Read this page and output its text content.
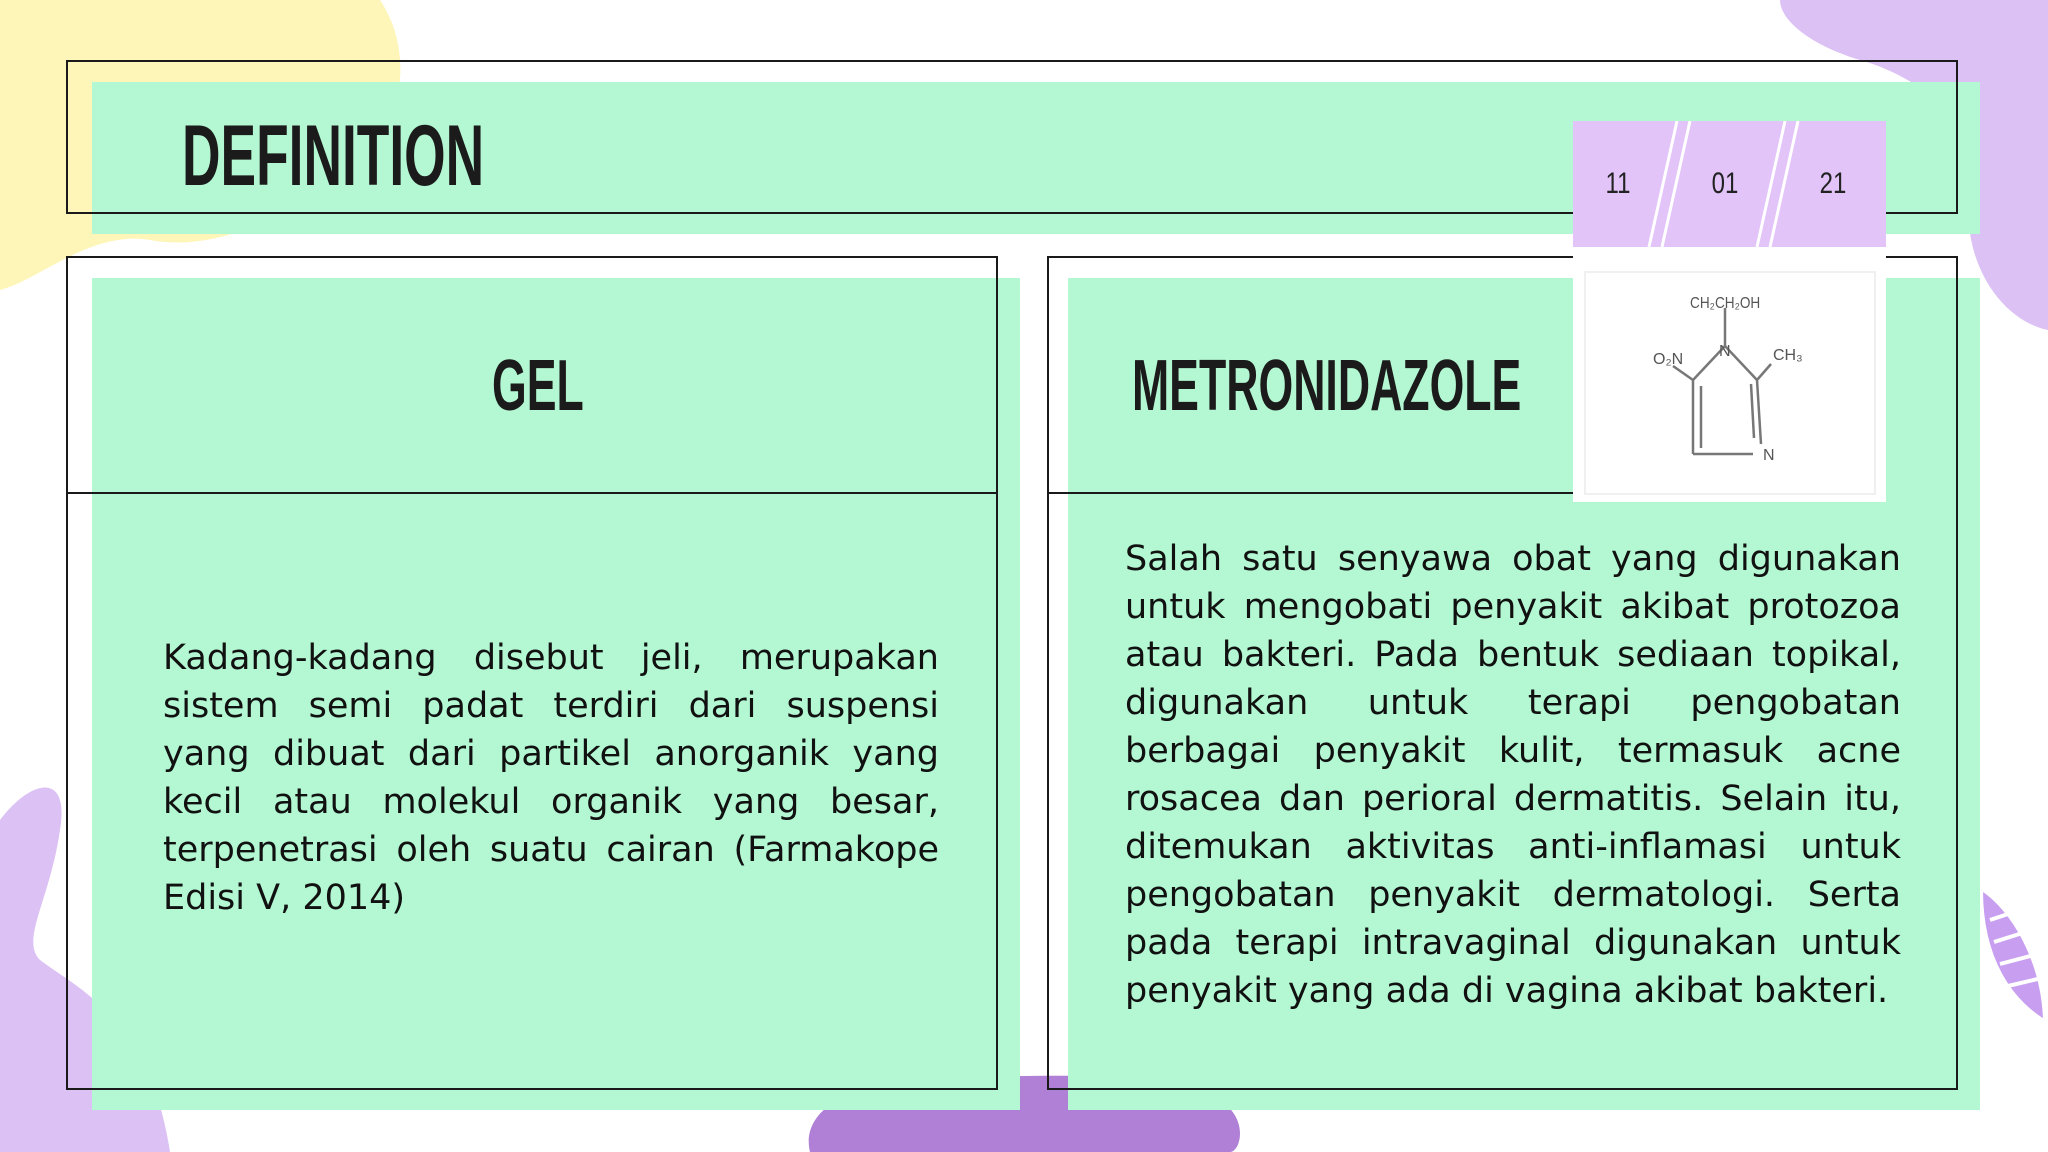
DEFINITION
GEL
Kadang-kadang disebut jeli, merupakan sistem semi padat terdiri dari suspensi yang dibuat dari partikel anorganik yang kecil atau molekul organik yang besar, terpenetrasi oleh suatu cairan (Farmakope Edisi V, 2014)
METRONIDAZOLE
Salah satu senyawa obat yang digunakan untuk mengobati penyakit akibat protozoa atau bakteri. Pada bentuk sediaan topikal, digunakan untuk terapi pengobatan berbagai penyakit kulit, termasuk acne rosacea dan perioral dermatitis. Selain itu, ditemukan aktivitas anti-inflamasi untuk pengobatan penyakit dermatologi. Serta pada terapi intravaginal digunakan untuk penyakit yang ada di vagina akibat bakteri.
11	01	21
CH₂CH₂OH
N
O₂N	CH₃
N
